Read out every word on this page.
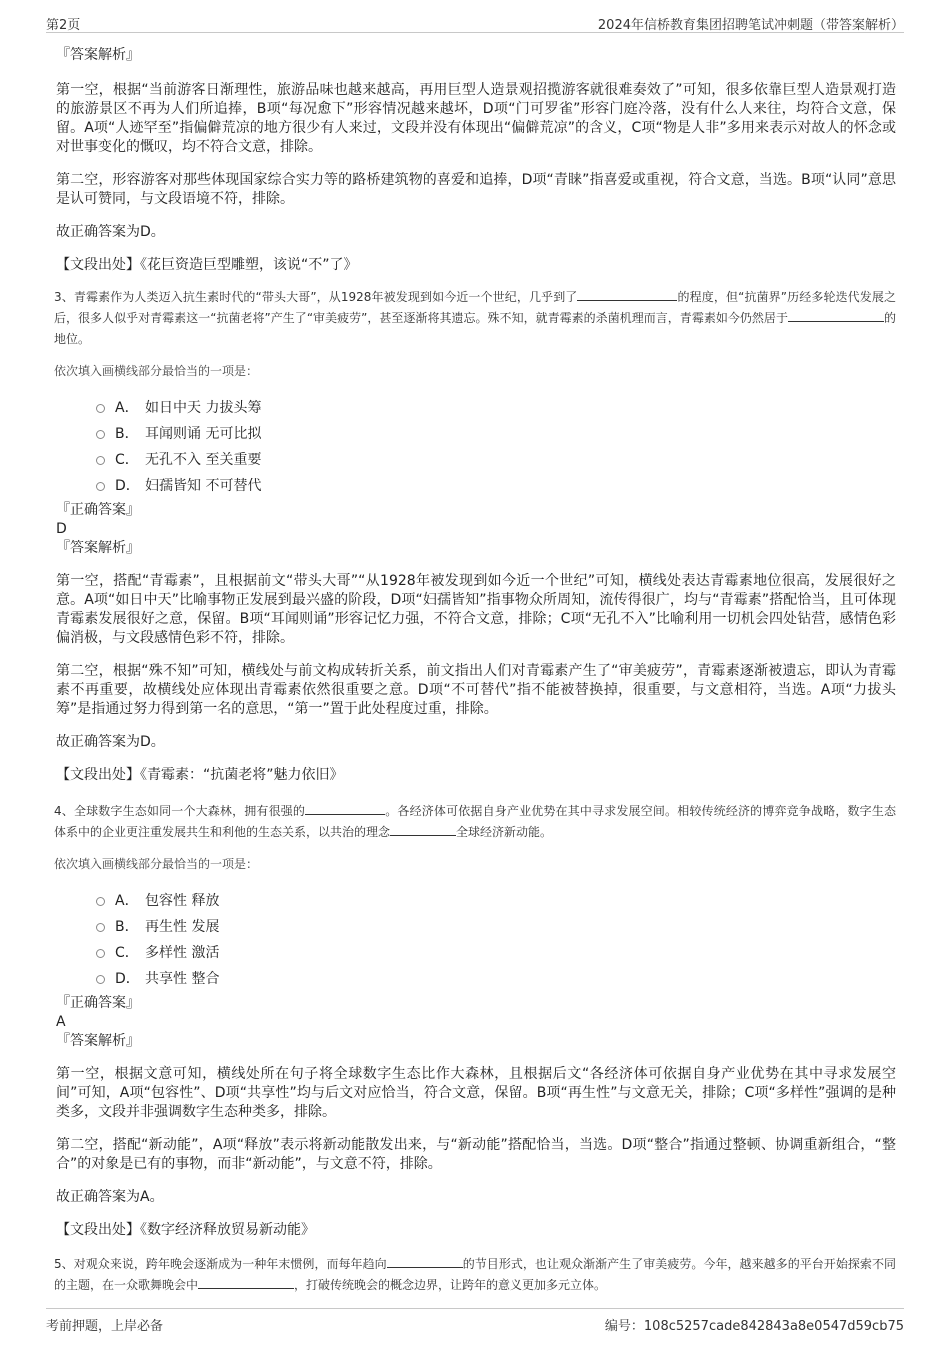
第2页	2024年信桥教育集团招聘笔试冲刺题（带答案解析）
『答案解析』

第一空，根据“当前游客日渐理性，旅游品味也越来越高，再用巨型人造景观招揽游客就很难奏效了”可知，很多依靠巨型人造景观打造的旅游景区不再为人们所追捧，B项“每况愈下”形容情况越来越坏，D项“门可罗雀”形容门庭冷落，没有什么人来往，均符合文意，保留。A项“人迹罕至”指偏僻荒凉的地方很少有人来过，文段并没有体现出“偏僻荒凉”的含义，C项“物是人非”多用来表示对故人的怀念或对世事变化的慨叹，均不符合文意，排除。

第二空，形容游客对那些体现国家综合实力等的路桥建筑物的喜爱和追捧，D项“青睐”指喜爱或重视，符合文意，当选。B项“认同”意思是认可赞同，与文段语境不符，排除。

故正确答案为D。

【文段出处】《花巨资造巨型雕塑，该说“不”了》

3、青霉素作为人类迈入抗生素时代的“带头大哥”，从1928年被发现到如今近一个世纪，几乎到了	的程度，但“抗菌界”历经多轮迭代发展之后，很多人似乎对青霉素这一“抗菌老将”产生了“审美疲劳”，甚至逐渐将其遗忘。殊不知，就青霉素的杀菌机理而言，青霉素如今仍然居于	的地位。

依次填入画横线部分最恰当的一项是：

A． 如日中天 力拔头筹
B． 耳闻则诵 无可比拟
C． 无孔不入 至关重要
D． 妇孺皆知 不可替代
『正确答案』
D
『答案解析』

第一空，搭配“青霉素”，且根据前文“带头大哥”“从1928年被发现到如今近一个世纪”可知，横线处表达青霉素地位很高，发展很好之意。A项“如日中天”比喻事物正发展到最兴盛的阶段，D项“妇孺皆知”指事物众所周知，流传得很广，均与“青霉素”搭配恰当，且可体现青霉素发展很好之意，保留。B项“耳闻则诵”形容记忆力强，不符合文意，排除；C项“无孔不入”比喻利用一切机会四处钻营，感情色彩偏消极，与文段感情色彩不符，排除。

第二空，根据“殊不知”可知，横线处与前文构成转折关系，前文指出人们对青霉素产生了“审美疲劳”，青霉素逐渐被遗忘，即认为青霉素不再重要，故横线处应体现出青霉素依然很重要之意。D项“不可替代”指不能被替换掉，很重要，与文意相符，当选。A项“力拔头筹”是指通过努力得到第一名的意思，“第一”置于此处程度过重，排除。

故正确答案为D。

【文段出处】《青霉素：“抗菌老将”魅力依旧》

4、全球数字生态如同一个大森林，拥有很强的	。各经济体可依据自身产业优势在其中寻求发展空间。相较传统经济的博弈竞争战略，数字生态体系中的企业更注重发展共生和利他的生态关系，以共治的理念	全球经济新动能。

依次填入画横线部分最恰当的一项是：

A． 包容性 释放
B． 再生性 发展
C． 多样性 激活
D． 共享性 整合
『正确答案』
A
『答案解析』

第一空，根据文意可知，横线处所在句子将全球数字生态比作大森林，且根据后文“各经济体可依据自身产业优势在其中寻求发展空间”可知，A项“包容性”、D项“共享性”均与后文对应恰当，符合文意，保留。B项“再生性”与文意无关，排除；C项“多样性”强调的是种类多，文段并非强调数字生态种类多，排除。

第二空，搭配“新动能”，A项“释放”表示将新动能散发出来，与“新动能”搭配恰当，当选。D项“整合”指通过整顿、协调重新组合，“整合”的对象是已有的事物，而非“新动能”，与文意不符，排除。

故正确答案为A。

【文段出处】《数字经济释放贸易新动能》

5、对观众来说，跨年晚会逐渐成为一种年末惯例，而每年趋向	的节目形式，也让观众渐渐产生了审美疲劳。今年，越来越多的平台开始探索不同的主题，在一众歌舞晚会中	，打破传统晚会的概念边界，让跨年的意义更加多元立体。

考前押题，上岸必备	编号：108c5257cade842843a8e0547d59cb75
